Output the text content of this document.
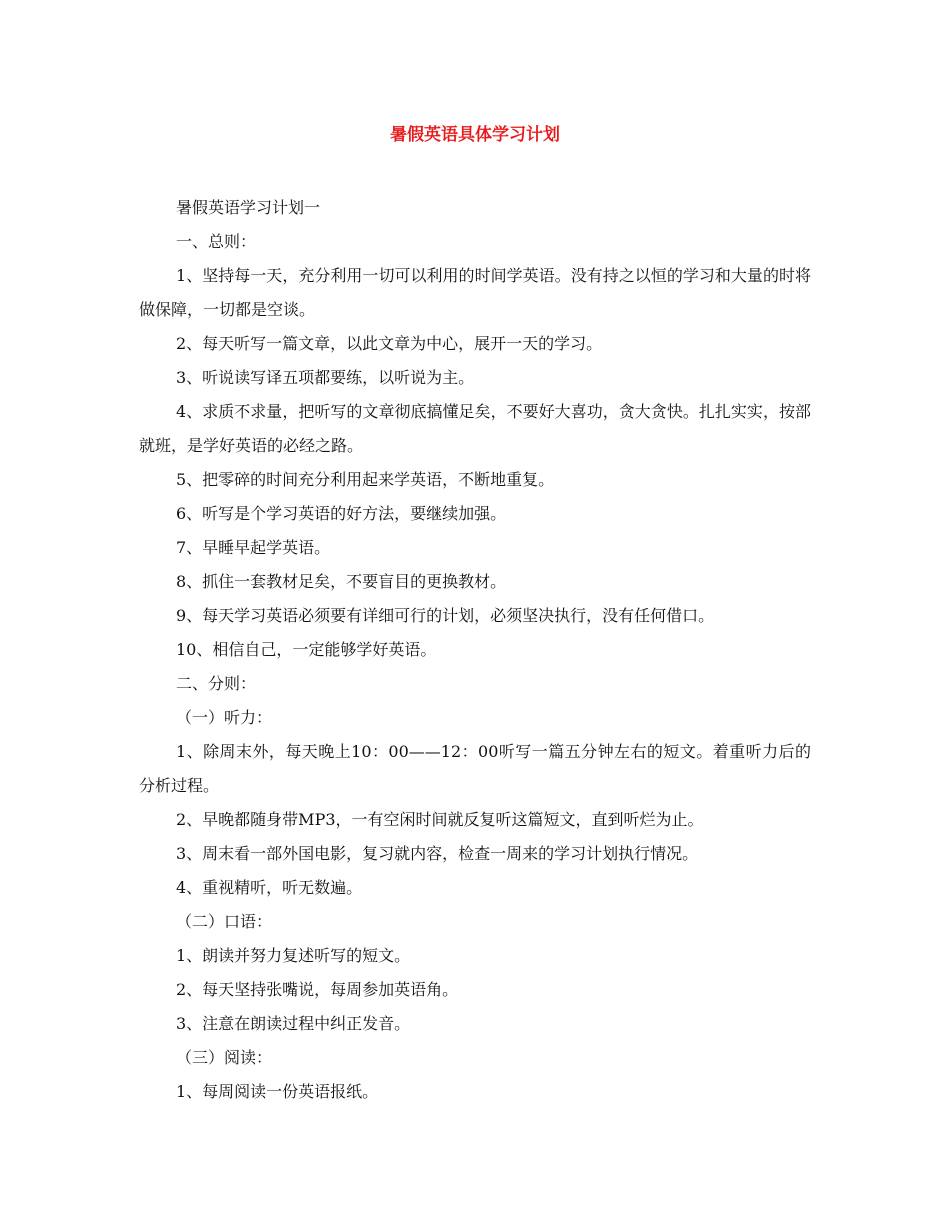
暑假英语具体学习计划

暑假英语学习计划一

一、总则：

1、坚持每一天，充分利用一切可以利用的时间学英语。没有持之以恒的学习和大量的时将做保障，一切都是空谈。

2、每天听写一篇文章，以此文章为中心，展开一天的学习。

3、听说读写译五项都要练，以听说为主。

4、求质不求量，把听写的文章彻底搞懂足矣，不要好大喜功，贪大贪快。扎扎实实，按部就班，是学好英语的必经之路。

5、把零碎的时间充分利用起来学英语，不断地重复。

6、听写是个学习英语的好方法，要继续加强。

7、早睡早起学英语。

8、抓住一套教材足矣，不要盲目的更换教材。

9、每天学习英语必须要有详细可行的计划，必须坚决执行，没有任何借口。

10、相信自己，一定能够学好英语。

二、分则：

（一）听力：

1、除周末外，每天晚上10：00——12：00听写一篇五分钟左右的短文。着重听力后的分析过程。

2、早晚都随身带MP3，一有空闲时间就反复听这篇短文，直到听烂为止。

3、周末看一部外国电影，复习就内容，检查一周来的学习计划执行情况。

4、重视精听，听无数遍。

（二）口语：

1、朗读并努力复述听写的短文。

2、每天坚持张嘴说，每周参加英语角。

3、注意在朗读过程中纠正发音。

（三）阅读：

1、每周阅读一份英语报纸。
